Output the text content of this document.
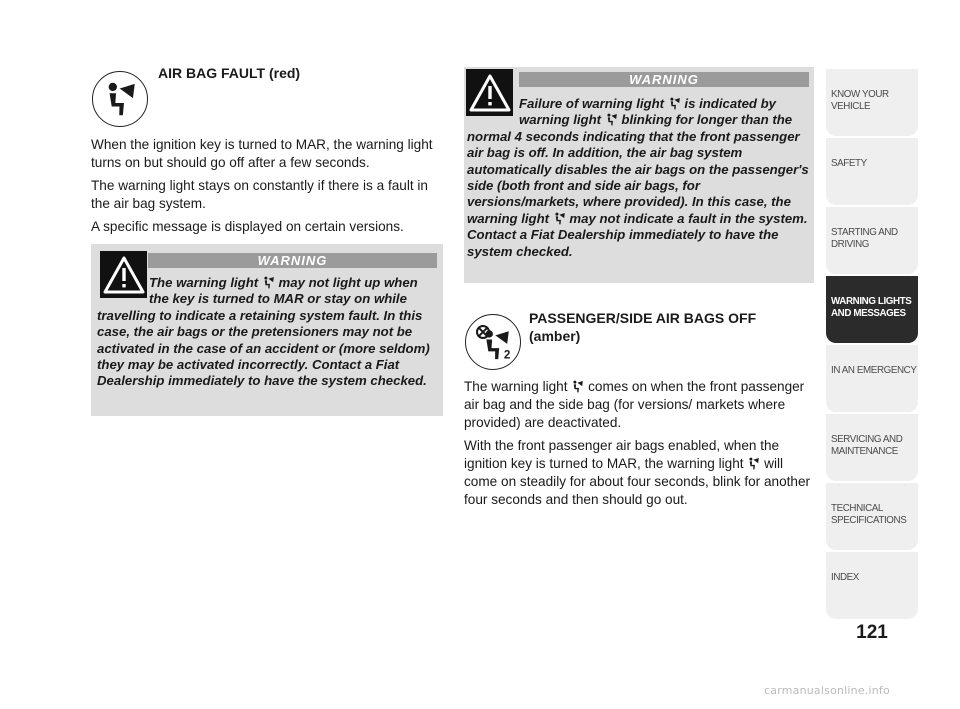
AIR BAG FAULT (red)

When the ignition key is turned to MAR, the warning light turns on but should go off after a few seconds.

The warning light stays on constantly if there is a fault in the air bag system.

A specific message is displayed on certain versions.

WARNING

The warning light may not light up when the key is turned to MAR or stay on while travelling to indicate a retaining system fault. In this case, the air bags or the pretensioners may not be activated in the case of an accident or (more seldom) they may be activated incorrectly. Contact a Fiat Dealership immediately to have the system checked.

WARNING

Failure of warning light is indicated by warning light blinking for longer than the normal 4 seconds indicating that the front passenger air bag is off. In addition, the air bag system automatically disables the air bags on the passenger's side (both front and side air bags, for versions/markets, where provided). In this case, the warning light may not indicate a fault in the system. Contact a Fiat Dealership immediately to have the system checked.

2
PASSENGER/SIDE AIR BAGS OFF (amber)

The warning light comes on when the front passenger air bag and the side bag (for versions/ markets where provided) are deactivated.

With the front passenger air bags enabled, when the ignition key is turned to MAR, the warning light will come on steadily for about four seconds, blink for another four seconds and then should go out.

KNOW YOUR VEHICLE
SAFETY
STARTING AND DRIVING
WARNING LIGHTS AND MESSAGES
IN AN EMERGENCY
SERVICING AND MAINTENANCE
TECHNICAL SPECIFICATIONS
INDEX
121
carmanualsonline.info
